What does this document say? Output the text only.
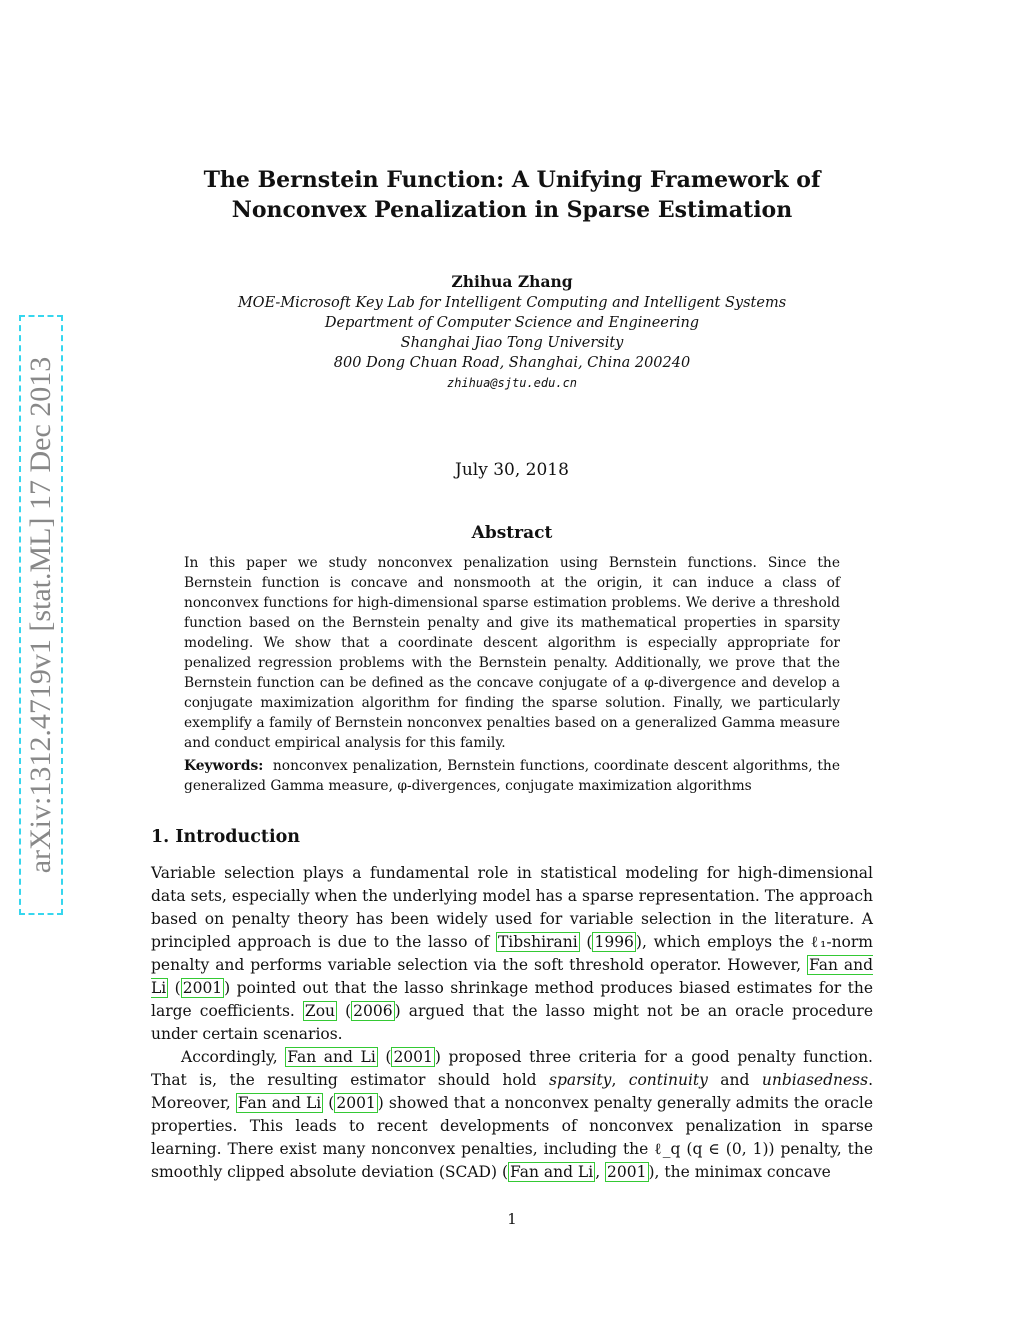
arXiv:1312.4719v1 [stat.ML] 17 Dec 2013
The Bernstein Function: A Unifying Framework of
Nonconvex Penalization in Sparse Estimation
Zhihua Zhang
MOE-Microsoft Key Lab for Intelligent Computing and Intelligent Systems
Department of Computer Science and Engineering
Shanghai Jiao Tong University
800 Dong Chuan Road, Shanghai, China 200240
zhihua@sjtu.edu.cn
July 30, 2018
Abstract
In this paper we study nonconvex penalization using Bernstein functions. Since the Bernstein function is concave and nonsmooth at the origin, it can induce a class of nonconvex functions for high-dimensional sparse estimation problems. We derive a threshold function based on the Bernstein penalty and give its mathematical properties in sparsity modeling. We show that a coordinate descent algorithm is especially appropriate for penalized regression problems with the Bernstein penalty. Additionally, we prove that the Bernstein function can be defined as the concave conjugate of a φ-divergence and develop a conjugate maximization algorithm for finding the sparse solution. Finally, we particularly exemplify a family of Bernstein nonconvex penalties based on a generalized Gamma measure and conduct empirical analysis for this family.
Keywords: nonconvex penalization, Bernstein functions, coordinate descent algorithms, the generalized Gamma measure, φ-divergences, conjugate maximization algorithms
1. Introduction

Variable selection plays a fundamental role in statistical modeling for high-dimensional data sets, especially when the underlying model has a sparse representation. The approach based on penalty theory has been widely used for variable selection in the literature. A principled approach is due to the lasso of Tibshirani ( 1996 ), which employs the ℓ₁-norm penalty and performs variable selection via the soft threshold operator. However, Fan and Li ( 2001 ) pointed out that the lasso shrinkage method produces biased estimates for the large coefficients. Zou ( 2006 ) argued that the lasso might not be an oracle procedure under certain scenarios.

Accordingly, Fan and Li ( 2001 ) proposed three criteria for a good penalty function. That is, the resulting estimator should hold sparsity, continuity and unbiasedness. Moreover, Fan and Li ( 2001 ) showed that a nonconvex penalty generally admits the oracle properties. This leads to recent developments of nonconvex penalization in sparse learning. There exist many nonconvex penalties, including the ℓ_q (q ∈ (0, 1)) penalty, the smoothly clipped absolute deviation (SCAD) ( Fan and Li , 2001 ), the minimax concave

1
